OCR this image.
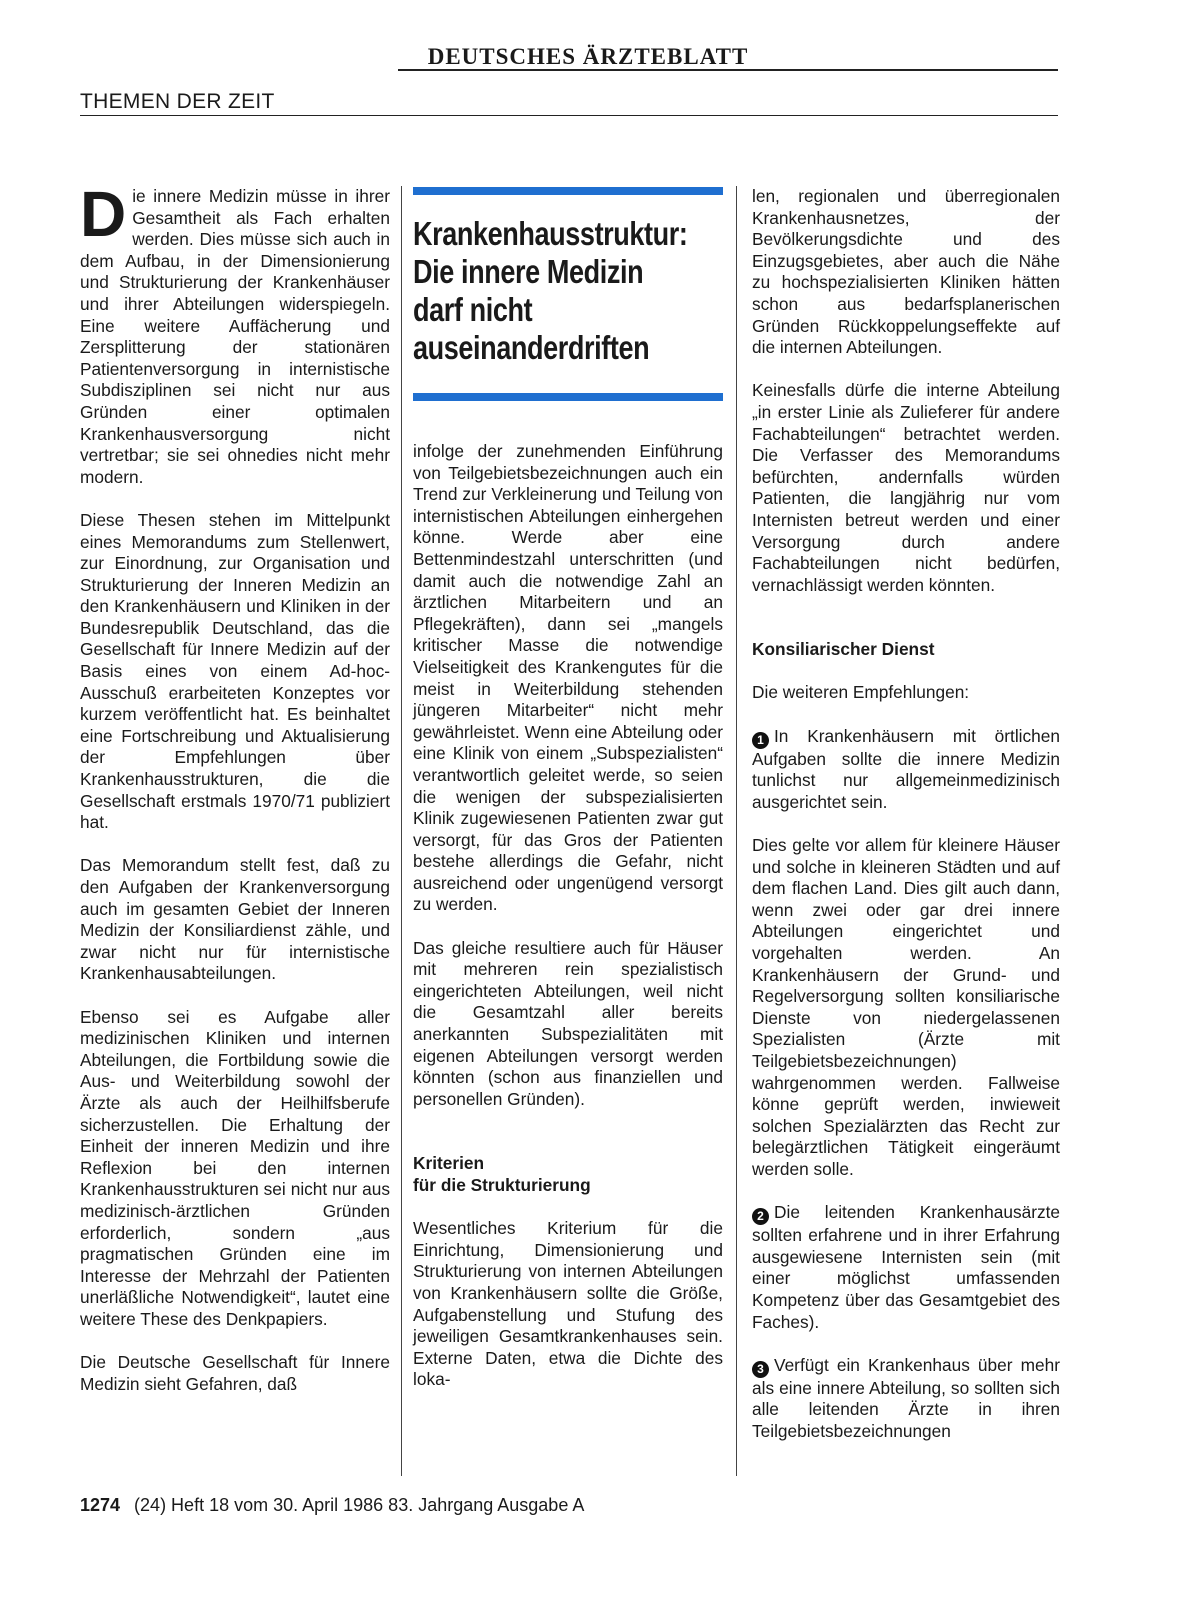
DEUTSCHES ÄRZTEBLATT
THEMEN DER ZEIT

Die innere Medizin müsse in ihrer Gesamtheit als Fach erhalten werden. Dies müsse sich auch in dem Aufbau, in der Dimensionierung und Strukturierung der Krankenhäuser und ihrer Abteilungen widerspiegeln. Eine weitere Auffächerung und Zersplitterung der stationären Patientenversorgung in internistische Subdisziplinen sei nicht nur aus Gründen einer optimalen Krankenhausversorgung nicht vertretbar; sie sei ohnedies nicht mehr modern.

Diese Thesen stehen im Mittelpunkt eines Memorandums zum Stellenwert, zur Einordnung, zur Organisation und Strukturierung der Inneren Medizin an den Krankenhäusern und Kliniken in der Bundesrepublik Deutschland, das die Gesellschaft für Innere Medizin auf der Basis eines von einem Ad-hoc-Ausschuß erarbeiteten Konzeptes vor kurzem veröffentlicht hat. Es beinhaltet eine Fortschreibung und Aktualisierung der Empfehlungen über Krankenhausstrukturen, die die Gesellschaft erstmals 1970/71 publiziert hat.

Das Memorandum stellt fest, daß zu den Aufgaben der Krankenversorgung auch im gesamten Gebiet der Inneren Medizin der Konsiliardienst zähle, und zwar nicht nur für internistische Krankenhausabteilungen.

Ebenso sei es Aufgabe aller medizinischen Kliniken und internen Abteilungen, die Fortbildung sowie die Aus- und Weiterbildung sowohl der Ärzte als auch der Heilhilfsberufe sicherzustellen. Die Erhaltung der Einheit der inneren Medizin und ihre Reflexion bei den internen Krankenhausstrukturen sei nicht nur aus medizinisch-ärztlichen Gründen erforderlich, sondern „aus pragmatischen Gründen eine im Interesse der Mehrzahl der Patienten unerläßliche Notwendigkeit“, lautet eine weitere These des Denkpapiers.

Die Deutsche Gesellschaft für Innere Medizin sieht Gefahren, daß

Krankenhausstruktur:
Die innere Medizin
darf nicht
auseinanderdriften

infolge der zunehmenden Einführung von Teilgebietsbezeichnungen auch ein Trend zur Verkleinerung und Teilung von internistischen Abteilungen einhergehen könne. Werde aber eine Bettenmindestzahl unterschritten (und damit auch die notwendige Zahl an ärztlichen Mitarbeitern und an Pflegekräften), dann sei „mangels kritischer Masse die notwendige Vielseitigkeit des Krankengutes für die meist in Weiterbildung stehenden jüngeren Mitarbeiter“ nicht mehr gewährleistet. Wenn eine Abteilung oder eine Klinik von einem „Subspezialisten“ verantwortlich geleitet werde, so seien die wenigen der subspezialisierten Klinik zugewiesenen Patienten zwar gut versorgt, für das Gros der Patienten bestehe allerdings die Gefahr, nicht ausreichend oder ungenügend versorgt zu werden.

Das gleiche resultiere auch für Häuser mit mehreren rein spezialistisch eingerichteten Abteilungen, weil nicht die Gesamtzahl aller bereits anerkannten Subspezialitäten mit eigenen Abteilungen versorgt werden könnten (schon aus finanziellen und personellen Gründen).

Kriterien
für die Strukturierung

Wesentliches Kriterium für die Einrichtung, Dimensionierung und Strukturierung von internen Abteilungen von Krankenhäusern sollte die Größe, Aufgabenstellung und Stufung des jeweiligen Gesamtkrankenhauses sein. Externe Daten, etwa die Dichte des loka-

len, regionalen und überregionalen Krankenhausnetzes, der Bevölkerungsdichte und des Einzugsgebietes, aber auch die Nähe zu hochspezialisierten Kliniken hätten schon aus bedarfsplanerischen Gründen Rückkoppelungseffekte auf die internen Abteilungen.

Keinesfalls dürfe die interne Abteilung „in erster Linie als Zulieferer für andere Fachabteilungen“ betrachtet werden. Die Verfasser des Memorandums befürchten, andernfalls würden Patienten, die langjährig nur vom Internisten betreut werden und einer Versorgung durch andere Fachabteilungen nicht bedürfen, vernachlässigt werden könnten.

Konsiliarischer Dienst

Die weiteren Empfehlungen:

1 In Krankenhäusern mit örtlichen Aufgaben sollte die innere Medizin tunlichst nur allgemeinmedizinisch ausgerichtet sein.

Dies gelte vor allem für kleinere Häuser und solche in kleineren Städten und auf dem flachen Land. Dies gilt auch dann, wenn zwei oder gar drei innere Abteilungen eingerichtet und vorgehalten werden. An Krankenhäusern der Grund- und Regelversorgung sollten konsiliarische Dienste von niedergelassenen Spezialisten (Ärzte mit Teilgebietsbezeichnungen) wahrgenommen werden. Fallweise könne geprüft werden, inwieweit solchen Spezialärzten das Recht zur belegärztlichen Tätigkeit eingeräumt werden solle.

2 Die leitenden Krankenhausärzte sollten erfahrene und in ihrer Erfahrung ausgewiesene Internisten sein (mit einer möglichst umfassenden Kompetenz über das Gesamtgebiet des Faches).

3 Verfügt ein Krankenhaus über mehr als eine innere Abteilung, so sollten sich alle leitenden Ärzte in ihren Teilgebietsbezeichnungen

1274 (24) Heft 18 vom 30. April 1986 83. Jahrgang Ausgabe A
